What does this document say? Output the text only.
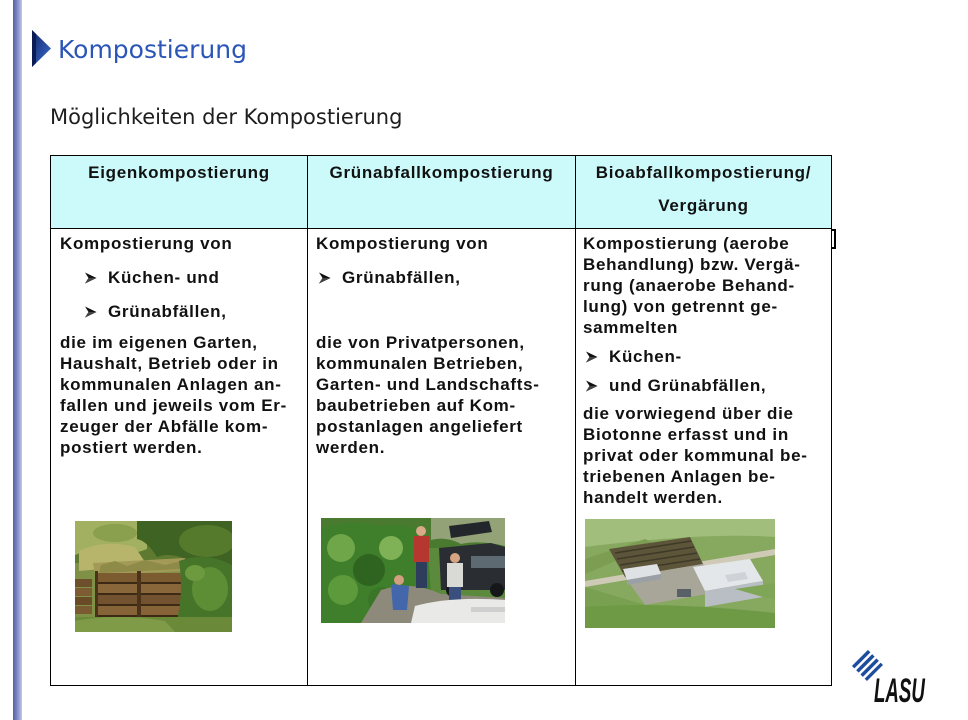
Kompostierung
Möglichkeiten der Kompostierung
Eigenkompostierung	Grünabfallkompostierung	Bioabfallkompostierung/
Vergärung
Kompostierung von
Küchen- und
Grünabfällen,
die im eigenen Garten,
Haushalt, Betrieb oder in
kommunalen Anlagen an-
fallen und jeweils vom Er-
zeuger der Abfälle kom-
postiert werden.
Kompostierung von
Grünabfällen,
die von Privatpersonen,
kommunalen Betrieben,
Garten- und Landschafts-
baubetrieben auf Kom-
postanlagen angeliefert
werden.
Kompostierung (aerobe
Behandlung) bzw. Vergä-
rung (anaerobe Behand-
lung) von getrennt ge-
sammelten
Küchen-
und Grünabfällen,
die vorwiegend über die
Biotonne erfasst und in
privat oder kommunal be-
triebenen Anlagen be-
handelt werden.
LASU
